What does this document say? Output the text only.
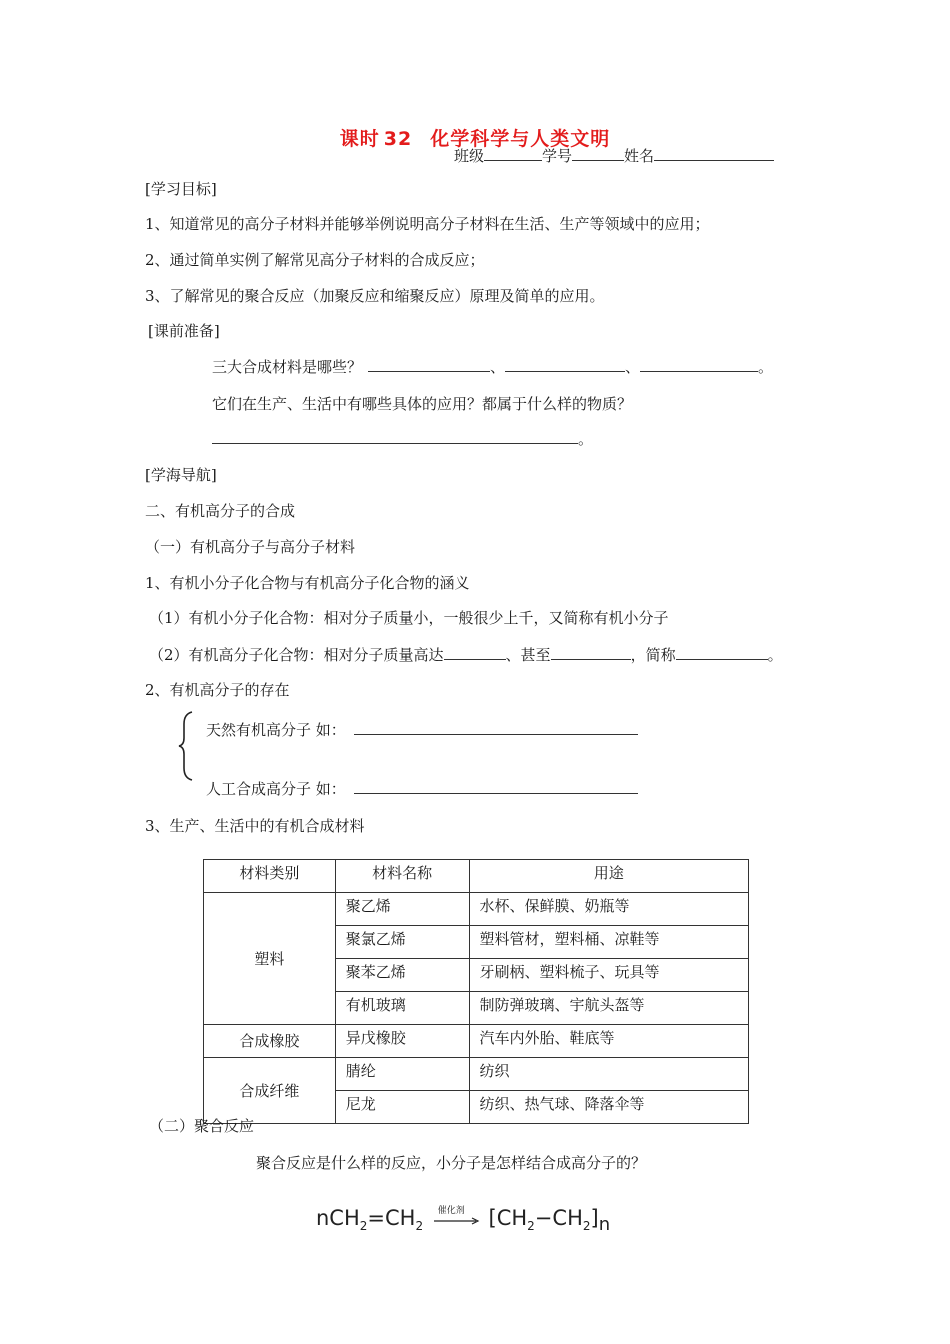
课时 32 化学科学与人类文明
班级	学号	姓名
[学习目标]
1、知道常见的高分子材料并能够举例说明高分子材料在生活、生产等领域中的应用；
2、通过简单实例了解常见高分子材料的合成反应；
3、了解常见的聚合反应（加聚反应和缩聚反应）原理及简单的应用。
[课前准备]
三大合成材料是哪些？	、	、	。
它们在生产、生活中有哪些具体的应用？都属于什么样的物质？
。
[学海导航]
二、有机高分子的合成
（一）有机高分子与高分子材料
1、有机小分子化合物与有机高分子化合物的涵义
（1）有机小分子化合物：相对分子质量小，一般很少上千，又简称有机小分子
（2）有机高分子化合物：相对分子质量高达	、甚至	，简称	。
2、有机高分子的存在
天然有机高分子 如：
人工合成高分子 如：
3、生产、生活中的有机合成材料
材料类别	材料名称	用途
塑料	聚乙烯	水杯、保鲜膜、奶瓶等
	聚氯乙烯	塑料管材，塑料桶、凉鞋等
	聚苯乙烯	牙刷柄、塑料梳子、玩具等
	有机玻璃	制防弹玻璃、宇航头盔等
合成橡胶	异戊橡胶	汽车内外胎、鞋底等
合成纤维	腈纶	纺织
	尼龙	纺织、热气球、降落伞等
（二）聚合反应
聚合反应是什么样的反应，小分子是怎样结合成高分子的？
$nCH_2=CH_2$
催化剂 $[CH_2-CH_2]_n$
